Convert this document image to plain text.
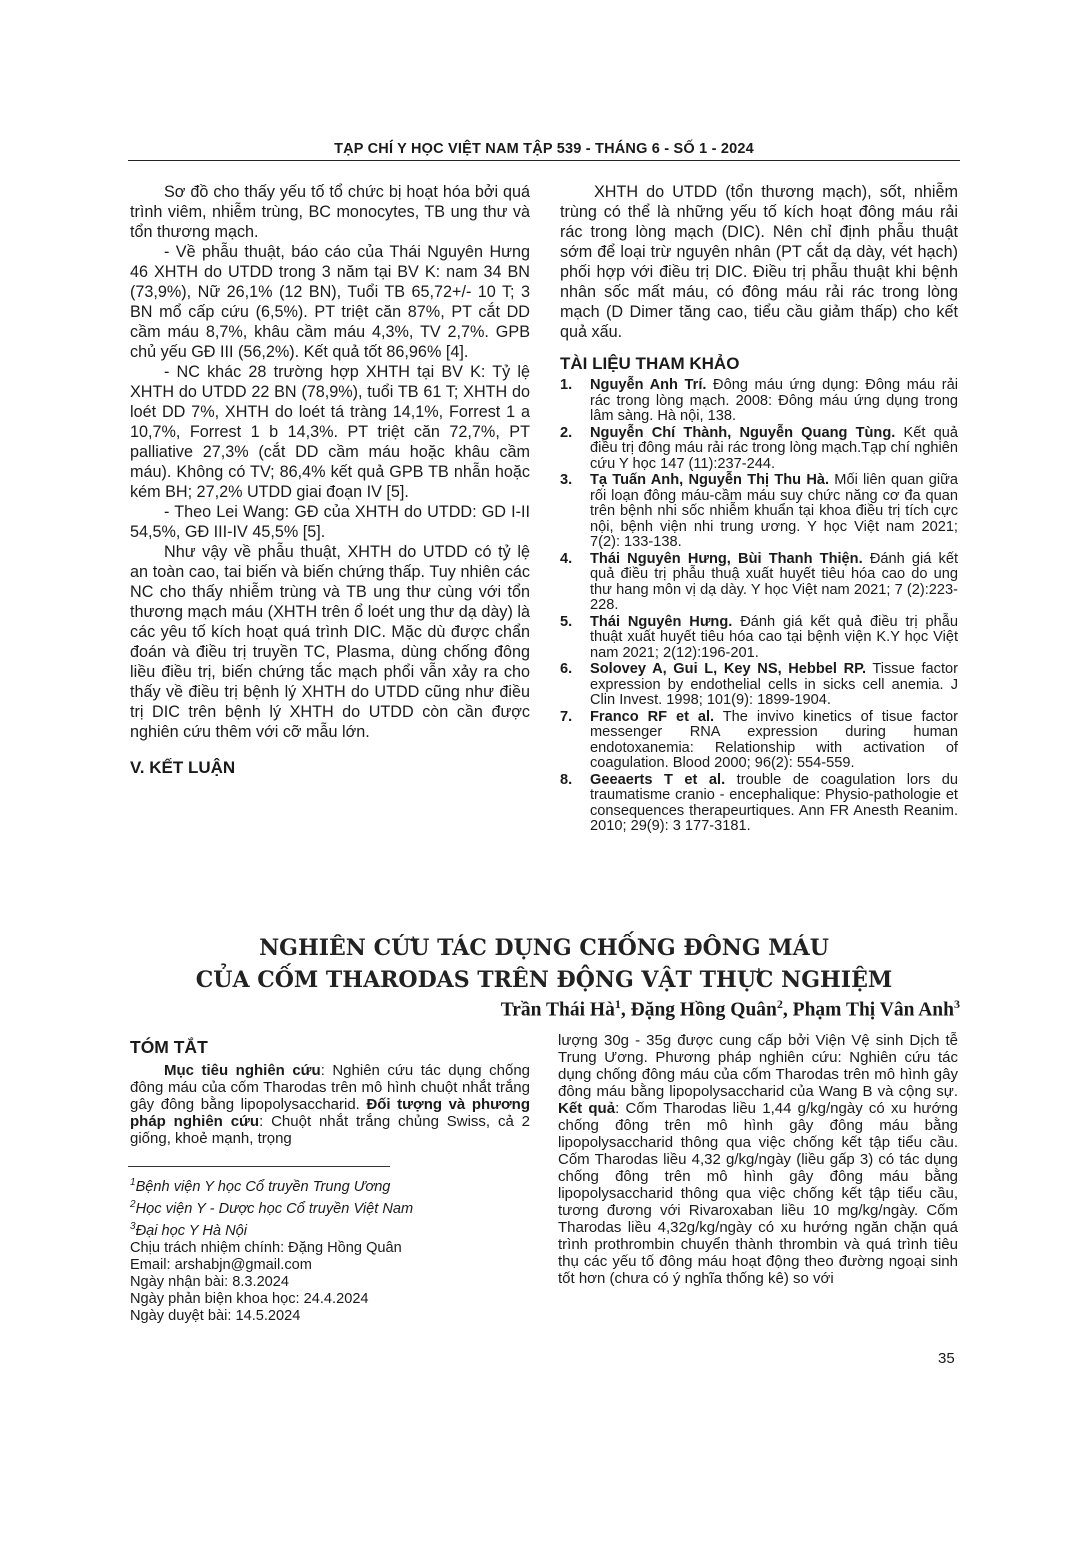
TẠP CHÍ Y HỌC VIỆT NAM TẬP 539 - THÁNG 6 - SỐ 1 - 2024

Sơ đồ cho thấy yếu tố tổ chức bị hoạt hóa bởi quá trình viêm, nhiễm trùng, BC monocytes, TB ung thư và tổn thương mạch.

- Về phẫu thuật, báo cáo của Thái Nguyên Hưng 46 XHTH do UTDD trong 3 năm tại BV K: nam 34 BN (73,9%), Nữ 26,1% (12 BN), Tuổi TB 65,72+/- 10 T; 3 BN mổ cấp cứu (6,5%). PT triệt căn 87%, PT cắt DD cầm máu 8,7%, khâu cầm máu 4,3%, TV 2,7%. GPB chủ yếu GĐ III (56,2%). Kết quả tốt 86,96% [4].

- NC khác 28 trường hợp XHTH tại BV K: Tỷ lệ XHTH do UTDD 22 BN (78,9%), tuổi TB 61 T; XHTH do loét DD 7%, XHTH do loét tá tràng 14,1%, Forrest 1 a 10,7%, Forrest 1 b 14,3%. PT triệt căn 72,7%, PT palliative 27,3% (cắt DD cầm máu hoặc khâu cầm máu). Không có TV; 86,4% kết quả GPB TB nhẫn hoặc kém BH; 27,2% UTDD giai đoạn IV [5].

- Theo Lei Wang: GĐ của XHTH do UTDD: GD I-II 54,5%, GĐ III-IV 45,5% [5].

Như vậy về phẫu thuật, XHTH do UTDD có tỷ lệ an toàn cao, tai biến và biến chứng thấp. Tuy nhiên các NC cho thấy nhiễm trùng và TB ung thư cùng với tổn thương mạch máu (XHTH trên ổ loét ung thư dạ dày) là các yêu tố kích hoạt quá trình DIC. Mặc dù được chẩn đoán và điều trị truyền TC, Plasma, dùng chống đông liều điều trị, biến chứng tắc mạch phổi vẫn xảy ra cho thấy về điều trị bệnh lý XHTH do UTDD cũng như điều trị DIC trên bệnh lý XHTH do UTDD còn cần được nghiên cứu thêm với cỡ mẫu lớn.

V. KẾT LUẬN

XHTH do UTDD (tổn thương mạch), sốt, nhiễm trùng có thể là những yếu tố kích hoạt đông máu rải rác trong lòng mạch (DIC). Nên chỉ định phẫu thuật sớm để loại trừ nguyên nhân (PT cắt dạ dày, vét hạch) phối hợp với điều trị DIC. Điều trị phẫu thuật khi bệnh nhân sốc mất máu, có đông máu rải rác trong lòng mạch (D Dimer tăng cao, tiểu cầu giảm thấp) cho kết quả xấu.

TÀI LIỆU THAM KHẢO
1.	Nguyễn Anh Trí. Đông máu ứng dụng: Đông máu rải rác trong lòng mạch. 2008: Đông máu ứng dụng trong lâm sàng. Hà nội, 138.
2.	Nguyễn Chí Thành, Nguyễn Quang Tùng. Kết quả điều trị đông máu rải rác trong lòng mạch.Tạp chí nghiên cứu Y học 147 (11):237-244.
3.	Tạ Tuấn Anh, Nguyễn Thị Thu Hà. Mối liên quan giữa rối loạn đông máu-cầm máu suy chức năng cơ đa quan trên bệnh nhi sốc nhiễm khuẩn tại khoa điều trị tích cực nội, bệnh viện nhi trung ương. Y học Việt nam 2021; 7(2): 133-138.
4.	Thái Nguyên Hưng, Bùi Thanh Thiện. Đánh giá kết quả điều trị phẫu thuậ xuất huyết tiêu hóa cao do ung thư hang môn vị dạ dày. Y học Việt nam 2021; 7 (2):223-228.
5.	Thái Nguyên Hưng. Đánh giá kết quả điều trị phẫu thuật xuất huyết tiêu hóa cao tại bệnh viện K.Y học Việt nam 2021; 2(12):196-201.
6.	Solovey A, Gui L, Key NS, Hebbel RP. Tissue factor expression by endothelial cells in sicks cell anemia. J Clin Invest. 1998; 101(9): 1899-1904.
7.	Franco RF et al. The invivo kinetics of tisue factor messenger RNA expression during human endotoxanemia: Relationship with activation of coagulation. Blood 2000; 96(2): 554-559.
8.	Geeaerts T et al. trouble de coagulation lors du traumatisme cranio - encephalique: Physio-pathologie et consequences therapeurtiques. Ann FR Anesth Reanim. 2010; 29(9): 3 177-3181.
NGHIÊN CỨU TÁC DỤNG CHỐNG ĐÔNG MÁU
CỦA CỐM THARODAS TRÊN ĐỘNG VẬT THỰC NGHIỆM
Trần Thái $Hà^1$, Đặng Hồng Quân$^2$, Phạm Thị Vân Anh$^3$
TÓM TẮT

Mục tiêu nghiên cứu: Nghiên cứu tác dụng chống đông máu của cốm Tharodas trên mô hình chuột nhắt trắng gây đông bằng lipopolysaccharid. Đối tượng và phương pháp nghiên cứu: Chuột nhắt trắng chủng Swiss, cả 2 giống, khoẻ mạnh, trọng

lượng 30g - 35g được cung cấp bởi Viện Vệ sinh Dịch tễ Trung Ương. Phương pháp nghiên cứu: Nghiên cứu tác dụng chống đông máu của cốm Tharodas trên mô hình gây đông máu bằng lipopolysaccharid của Wang B và cộng sự. Kết quả: Cốm Tharodas liều 1,44 g/kg/ngày có xu hướng chống đông trên mô hình gây đông máu bằng lipopolysaccharid thông qua việc chống kết tập tiểu cầu. Cốm Tharodas liều 4,32 g/kg/ngày (liều gấp 3) có tác dụng chống đông trên mô hình gây đông máu bằng lipopolysaccharid thông qua việc chống kết tập tiểu cầu, tương đương với Rivaroxaban liều 10 mg/kg/ngày. Cốm Tharodas liều 4,32g/kg/ngày có xu hướng ngăn chặn quá trình prothrombin chuyển thành thrombin và quá trình tiêu thụ các yếu tố đông máu hoạt động theo đường ngoại sinh tốt hơn (chưa có ý nghĩa thống kê) so với

$^1$Bệnh viện Y học Cổ truyền Trung Ương

$^2$Học viện Y - Dược học Cổ truyền Việt Nam

$^3$Đại học Y Hà Nội

Chịu trách nhiệm chính: Đặng Hồng Quân

Email: arshabjn@gmail.com

Ngày nhận bài: 8.3.2024

Ngày phản biện khoa học: 24.4.2024

Ngày duyệt bài: 14.5.2024

35
